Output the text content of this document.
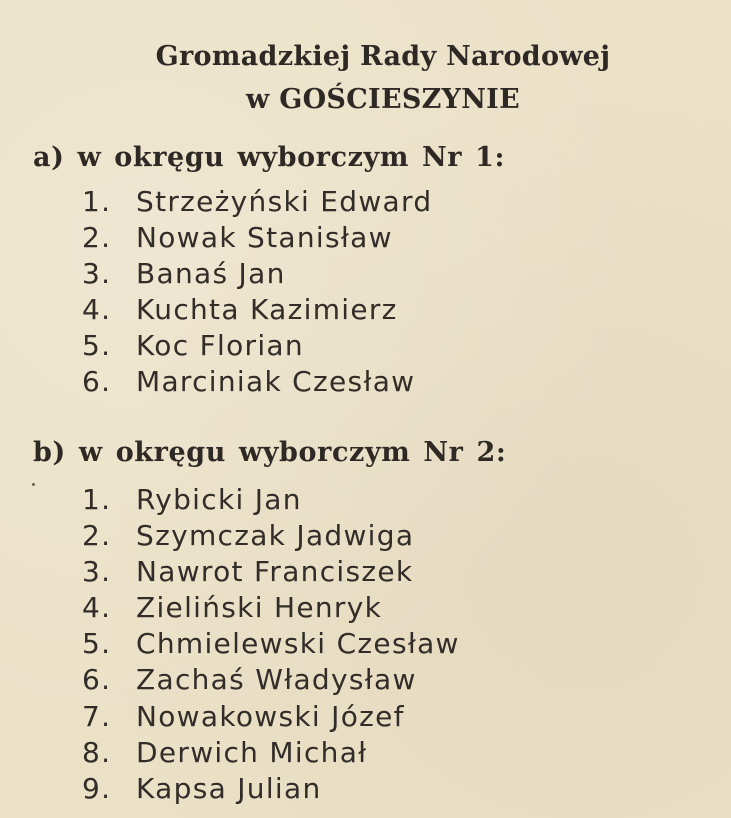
Gromadzkiej Rady Narodowej
w GOŚCIESZYNIE
a) w okręgu wyborczym Nr 1:
1. Strzeżyński Edward
2. Nowak Stanisław
3. Banaś Jan
4. Kuchta Kazimierz
5. Koc Florian
6. Marciniak Czesław
b) w okręgu wyborczym Nr 2:
1. Rybicki Jan
2. Szymczak Jadwiga
3. Nawrot Franciszek
4. Zieliński Henryk
5. Chmielewski Czesław
6. Zachaś Władysław
7. Nowakowski Józef
8. Derwich Michał
9. Kapsa Julian
